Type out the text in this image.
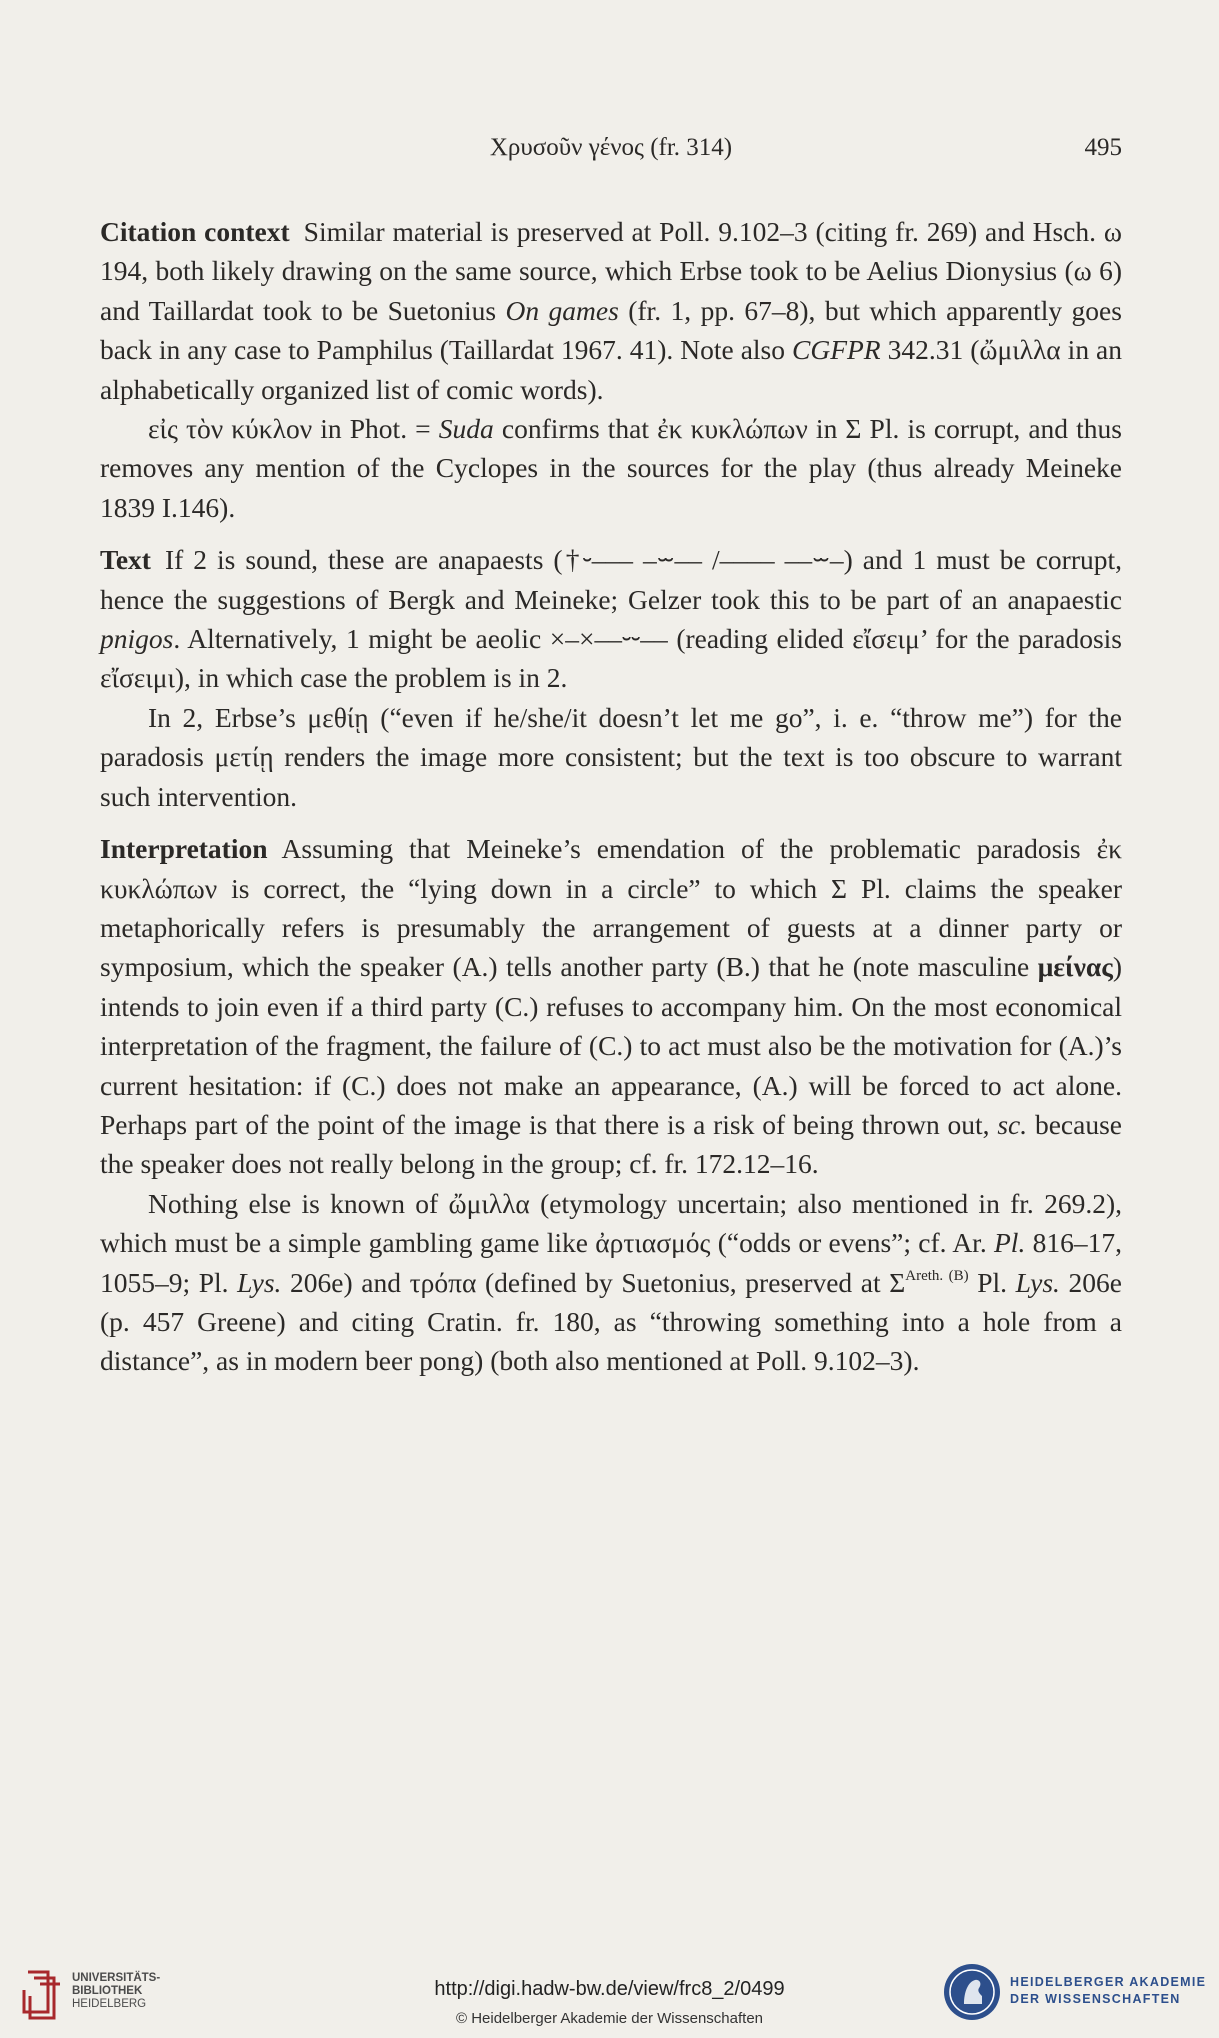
Χρυσοῦν γένος (fr. 314)	495

Citation context Similar material is preserved at Poll. 9.102–3 (citing fr. 269) and Hsch. ω 194, both likely drawing on the same source, which Erbse took to be Aelius Dionysius (ω 6) and Taillardat took to be Suetonius On games (fr. 1, pp. 67–8), but which apparently goes back in any case to Pamphilus (Taillardat 1967. 41). Note also CGFPR 342.31 (ὤμιλλα in an alphabetically organized list of comic words).

εἰς τὸν κύκλον in Phot. = Suda confirms that ἐκ κυκλώπων in Σ Pl. is corrupt, and thus removes any mention of the Cyclopes in the sources for the play (thus already Meineke 1839 I.146).

Text If 2 is sound, these are anapaests (†⏑––– –⏖–– /–––– ––⏖–) and 1 must be corrupt, hence the suggestions of Bergk and Meineke; Gelzer took this to be part of an anapaestic pnigos. Alternatively, 1 might be aeolic ×–×––⏑⏑–– (reading elided εἴσειμ’ for the paradosis εἴσειμι), in which case the problem is in 2.

In 2, Erbse’s μεθίῃ (“even if he/she/it doesn’t let me go”, i. e. “throw me”) for the paradosis μετίῃ renders the image more consistent; but the text is too obscure to warrant such intervention.

Interpretation Assuming that Meineke’s emendation of the problematic paradosis ἐκ κυκλώπων is correct, the “lying down in a circle” to which Σ Pl. claims the speaker metaphorically refers is presumably the arrangement of guests at a dinner party or symposium, which the speaker (A.) tells another party (B.) that he (note masculine μείνας) intends to join even if a third party (C.) refuses to accompany him. On the most economical interpretation of the fragment, the failure of (C.) to act must also be the motivation for (A.)’s current hesitation: if (C.) does not make an appearance, (A.) will be forced to act alone. Perhaps part of the point of the image is that there is a risk of being thrown out, sc. because the speaker does not really belong in the group; cf. fr. 172.12–16.

Nothing else is known of ὤμιλλα (etymology uncertain; also mentioned in fr. 269.2), which must be a simple gambling game like ἀρτιασμός (“odds or evens”; cf. Ar. Pl. 816–17, 1055–9; Pl. Lys. 206e) and τρόπα (defined by Suetonius, preserved at $\Sigma^{Areth. (B)}$ Pl. Lys. 206e (p. 457 Greene) and citing Cratin. fr. 180, as “throwing something into a hole from a distance”, as in modern beer pong) (both also mentioned at Poll. 9.102–3).

UNIVERSITÄTS-
BIBLIOTHEK
HEIDELBERG
http://digi.hadw-bw.de/view/frc8_2/0499
© Heidelberger Akademie der Wissenschaften
HEIDELBERGER AKADEMIE
DER WISSENSCHAFTEN
